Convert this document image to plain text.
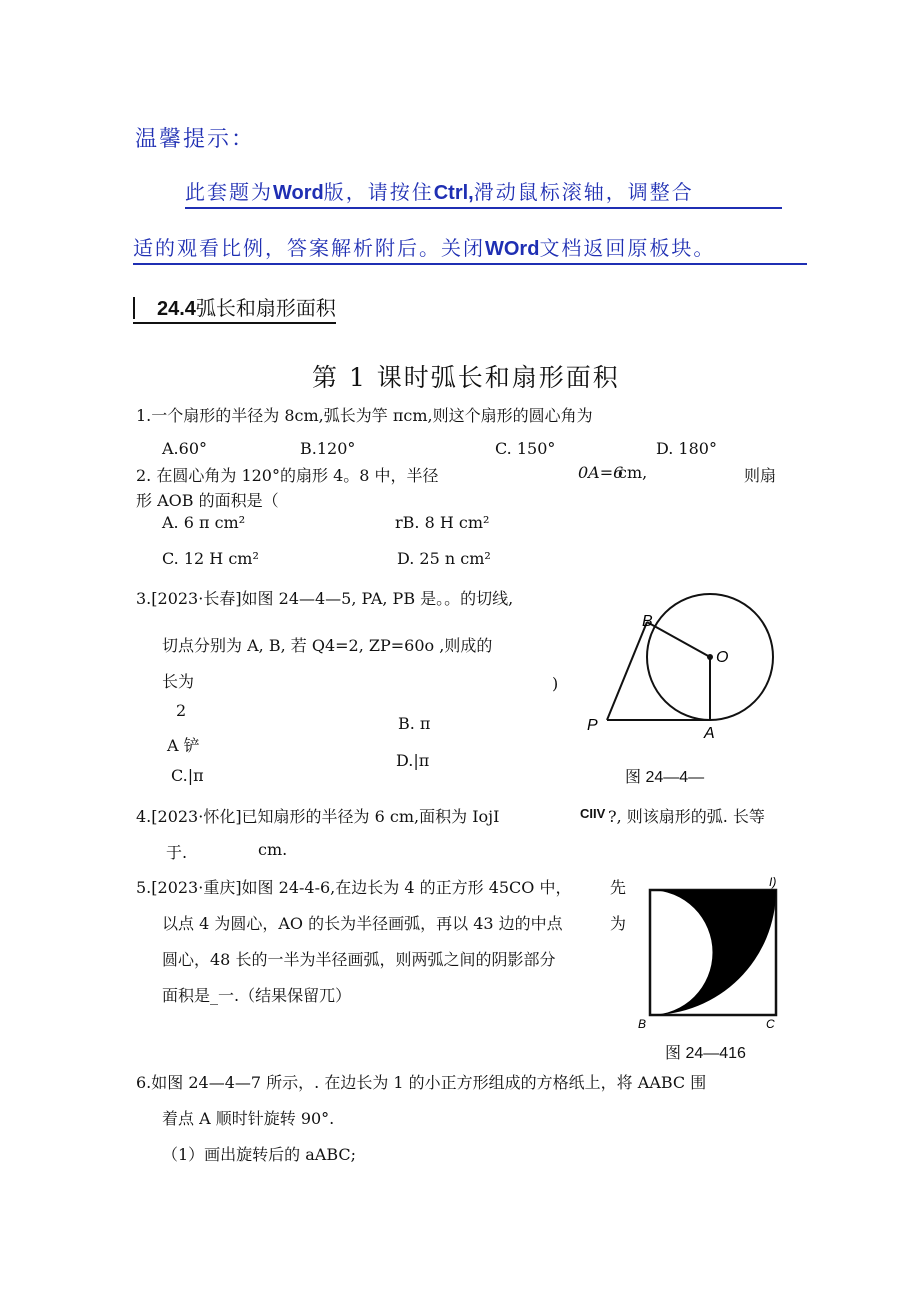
温馨提示：
此套题为Word版，请按住Ctrl,滑动鼠标滚轴，调整合
适的观看比例，答案解析附后。关闭WOrd文档返回原板块。
24.4弧长和扇形面积
第 1 课时弧长和扇形面积
1.一个扇形的半径为 8cm,弧长为竽 πcm,则这个扇形的圆心角为
A.60°	B.120°	C. 150°	D. 180°
2. 在圆心角为 120°的扇形 4。8 中，半径	0A=6
cm,	则扇
形 AOB 的面积是（
A. 6 π cm²	rB. 8 H cm²
C. 12 H cm²	D. 25 n cm²
3.[2023·长春]如图 24—4—5, PA, PB 是。。的切线,
切点分别为 A, B, 若 Q4=2, ZP=60o ,则成的
长为	)
2
A 铲
B. π
C.|π
D.|π
B
O
P	A
图 24—4—
4.[2023·怀化]已知扇形的半径为 6 cm,面积为 IojI	CIIV ?, 则该扇形的弧. 长等
于.	cm.
5.[2023·重庆]如图 24-4-6,在边长为 4 的正方形 45CO 中， 先
以点 4 为圆心，AO 的长为半径画弧，再以 43 边的中点	为
圆心，48 长的一半为半径画弧，则两弧之间的阴影部分
面积是_一.（结果保留兀）
I)
B	C
图 24—416
6.如图 24—4—7 所示，. 在边长为 1 的小正方形组成的方格纸上，将 AABC 围
着点 A 顺时针旋转 90°.
（1）画出旋转后的 aABC;
